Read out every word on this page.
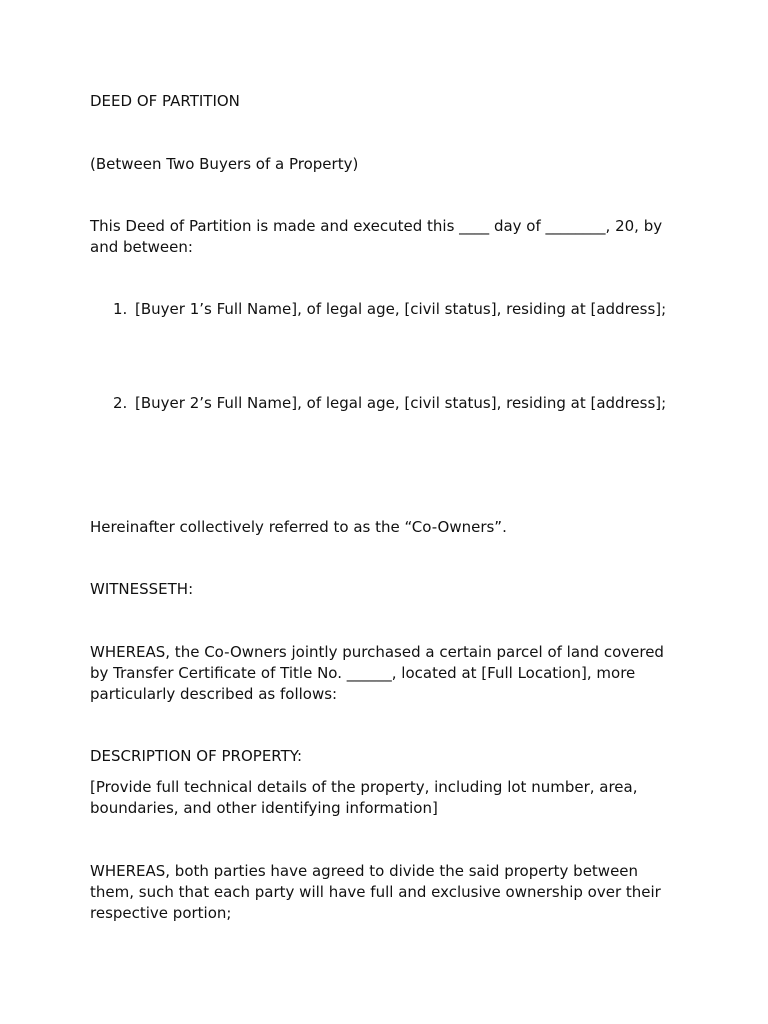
DEED OF PARTITION

(Between Two Buyers of a Property)

This Deed of Partition is made and executed this ____ day of ________, 20, by and between:

1. [Buyer 1’s Full Name], of legal age, [civil status], residing at [address];

2. [Buyer 2’s Full Name], of legal age, [civil status], residing at [address];

Hereinafter collectively referred to as the “Co-Owners”.

WITNESSETH:

WHEREAS, the Co-Owners jointly purchased a certain parcel of land covered by Transfer Certificate of Title No. ______, located at [Full Location], more particularly described as follows:

DESCRIPTION OF PROPERTY:

[Provide full technical details of the property, including lot number, area, boundaries, and other identifying information]

WHEREAS, both parties have agreed to divide the said property between them, such that each party will have full and exclusive ownership over their respective portion;
